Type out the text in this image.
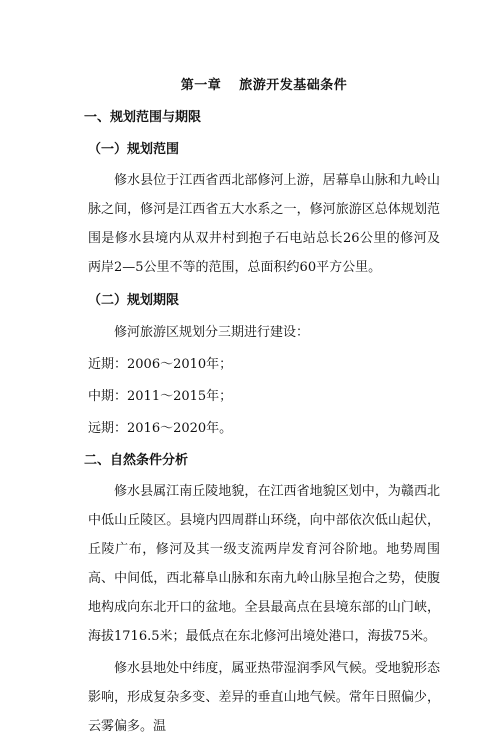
第一章 旅游开发基础条件

一、规划范围与期限

（一）规划范围

修水县位于江西省西北部修河上游，居幕阜山脉和九岭山脉之间，修河是江西省五大水系之一，修河旅游区总体规划范围是修水县境内从双井村到抱子石电站总长26公里的修河及两岸2—5公里不等的范围，总面积约60平方公里。

（二）规划期限

修河旅游区规划分三期进行建设：

近期：2006～2010年；

中期：2011～2015年；

远期：2016～2020年。

二、自然条件分析

修水县属江南丘陵地貌，在江西省地貌区划中，为赣西北中低山丘陵区。县境内四周群山环绕，向中部依次低山起伏，丘陵广布，修河及其一级支流两岸发育河谷阶地。地势周围高、中间低，西北幕阜山脉和东南九岭山脉呈抱合之势，使腹地构成向东北开口的盆地。全县最高点在县境东部的山门峡，海拔1716.5米；最低点在东北修河出境处港口，海拔75米。

修水县地处中纬度，属亚热带湿润季风气候。受地貌形态影响，形成复杂多变、差异的垂直山地气候。常年日照偏少，云雾偏多。温
